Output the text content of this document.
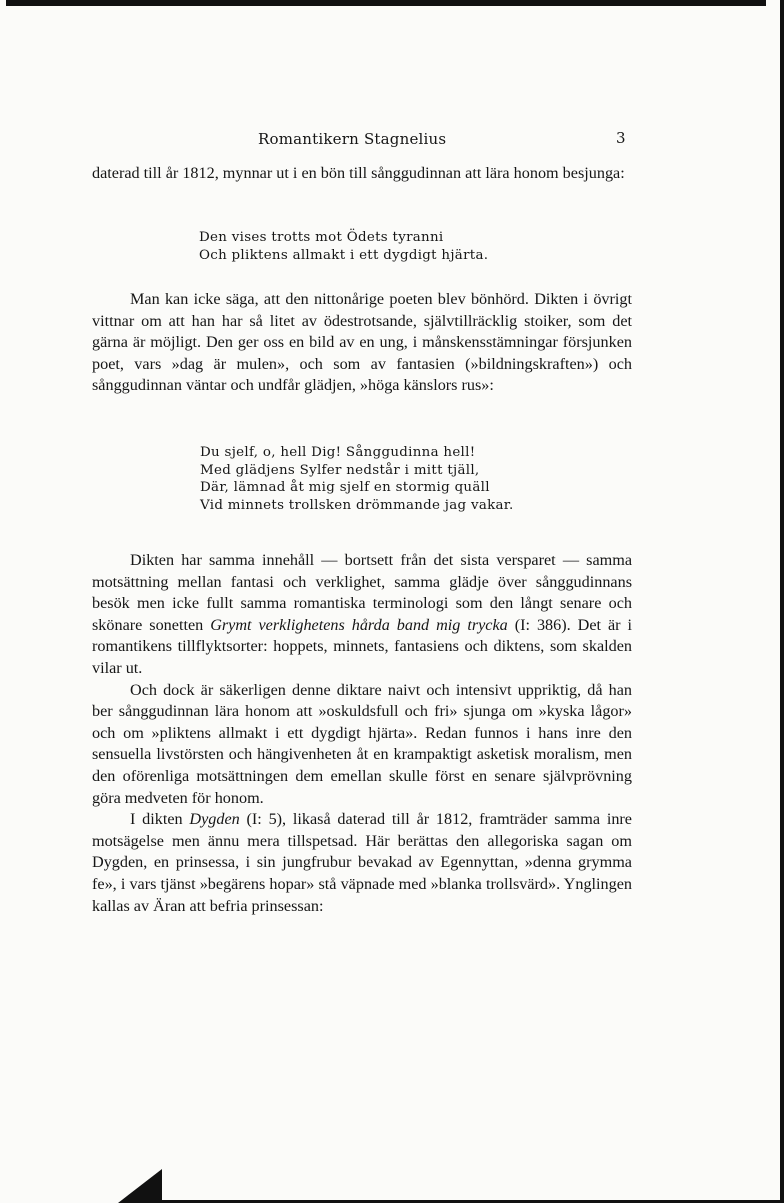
Romantikern Stagnelius	3

daterad till år 1812, mynnar ut i en bön till sånggudinnan att lära honom besjunga:

Den vises trotts mot Ödets tyranni
Och pliktens allmakt i ett dygdigt hjärta.

Man kan icke säga, att den nittonårige poeten blev bönhörd. Dikten i övrigt vittnar om att han har så litet av ödestrotsande, självtillräcklig stoiker, som det gärna är möjligt. Den ger oss en bild av en ung, i månskensstämningar försjunken poet, vars »dag är mulen», och som av fantasien (»bildningskraften») och sånggudinnan väntar och undfår glädjen, »höga känslors rus»:

Du sjelf, o, hell Dig! Sånggudinna hell!
Med glädjens Sylfer nedstår i mitt tjäll,
Där, lämnad åt mig sjelf en stormig quäll
Vid minnets trollsken drömmande jag vakar.

Dikten har samma innehåll — bortsett från det sista versparet — samma motsättning mellan fantasi och verklighet, samma glädje över sånggudinnans besök men icke fullt samma romantiska terminologi som den långt senare och skönare sonetten Grymt verklighetens hårda band mig trycka (I: 386). Det är i romantikens tillflyktsorter: hoppets, minnets, fantasiens och diktens, som skalden vilar ut.

Och dock är säkerligen denne diktare naivt och intensivt uppriktig, då han ber sånggudinnan lära honom att »oskuldsfull och fri» sjunga om »kyska lågor» och om »pliktens allmakt i ett dygdigt hjärta». Redan funnos i hans inre den sensuella livstörsten och hängivenheten åt en krampaktigt asketisk moralism, men den oförenliga motsättningen dem emellan skulle först en senare självprövning göra medveten för honom.

I dikten Dygden (I: 5), likaså daterad till år 1812, framträder samma inre motsägelse men ännu mera tillspetsad. Här berättas den allegoriska sagan om Dygden, en prinsessa, i sin jungfrubur bevakad av Egennyttan, »denna grymma fe», i vars tjänst »begärens hopar» stå väpnade med »blanka trollsvärd». Ynglingen kallas av Äran att befria prinsessan:
